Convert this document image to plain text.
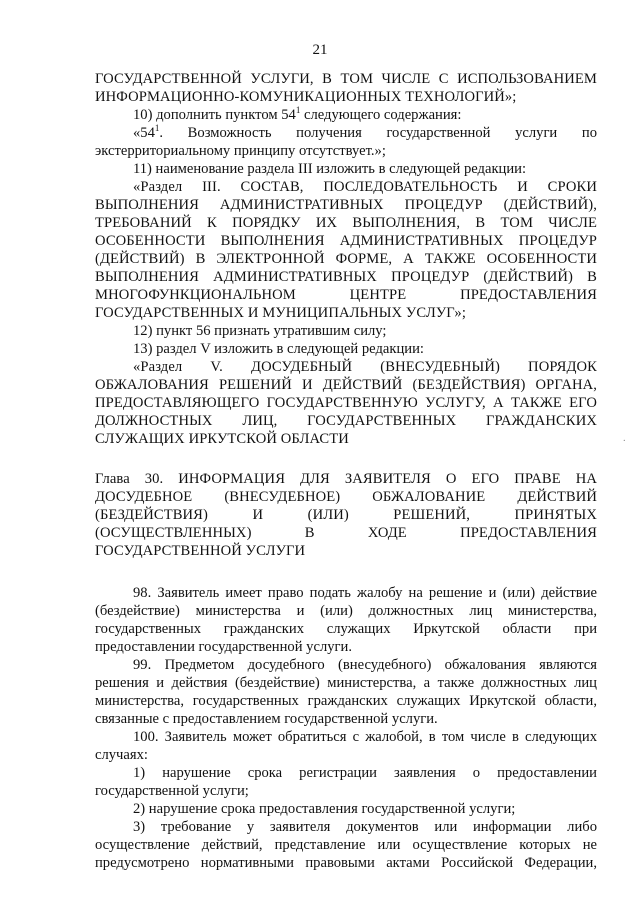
21

ГОСУДАРСТВЕННОЙ УСЛУГИ, В ТОМ ЧИСЛЕ С ИСПОЛЬЗОВАНИЕМ

ИНФОРМАЦИОННО-КОМУНИКАЦИОННЫХ ТЕХНОЛОГИЙ»;

10) дополнить пунктом $54^1$ следующего содержания:

«$54^1$. Возможность получения государственной услуги по

экстерриториальному принципу отсутствует.»;

11) наименование раздела III изложить в следующей редакции:

«Раздел III. СОСТАВ, ПОСЛЕДОВАТЕЛЬНОСТЬ И СРОКИ

ВЫПОЛНЕНИЯ АДМИНИСТРАТИВНЫХ ПРОЦЕДУР (ДЕЙСТВИЙ),

ТРЕБОВАНИЙ К ПОРЯДКУ ИХ ВЫПОЛНЕНИЯ, В ТОМ ЧИСЛЕ

ОСОБЕННОСТИ ВЫПОЛНЕНИЯ АДМИНИСТРАТИВНЫХ ПРОЦЕДУР

(ДЕЙСТВИЙ) В ЭЛЕКТРОННОЙ ФОРМЕ, А ТАКЖЕ ОСОБЕННОСТИ

ВЫПОЛНЕНИЯ АДМИНИСТРАТИВНЫХ ПРОЦЕДУР (ДЕЙСТВИЙ) В

МНОГОФУНКЦИОНАЛЬНОМ ЦЕНТРЕ ПРЕДОСТАВЛЕНИЯ

ГОСУДАРСТВЕННЫХ И МУНИЦИПАЛЬНЫХ УСЛУГ»;

12) пункт 56 признать утратившим силу;

13) раздел V изложить в следующей редакции:

«Раздел V. ДОСУДЕБНЫЙ (ВНЕСУДЕБНЫЙ) ПОРЯДОК

ОБЖАЛОВАНИЯ РЕШЕНИЙ И ДЕЙСТВИЙ (БЕЗДЕЙСТВИЯ) ОРГАНА,

ПРЕДОСТАВЛЯЮЩЕГО ГОСУДАРСТВЕННУЮ УСЛУГУ, А ТАКЖЕ ЕГО

ДОЛЖНОСТНЫХ ЛИЦ, ГОСУДАРСТВЕННЫХ ГРАЖДАНСКИХ

СЛУЖАЩИХ ИРКУТСКОЙ ОБЛАСТИ

Глава 30. ИНФОРМАЦИЯ ДЛЯ ЗАЯВИТЕЛЯ О ЕГО ПРАВЕ НА

ДОСУДЕБНОЕ (ВНЕСУДЕБНОЕ) ОБЖАЛОВАНИЕ ДЕЙСТВИЙ

(БЕЗДЕЙСТВИЯ) И (ИЛИ) РЕШЕНИЙ, ПРИНЯТЫХ

(ОСУЩЕСТВЛЕННЫХ) В ХОДЕ ПРЕДОСТАВЛЕНИЯ

ГОСУДАРСТВЕННОЙ УСЛУГИ

98. Заявитель имеет право подать жалобу на решение и (или) действие

(бездействие) министерства и (или) должностных лиц министерства,

государственных гражданских служащих Иркутской области при

предоставлении государственной услуги.

99. Предметом досудебного (внесудебного) обжалования являются

решения и действия (бездействие) министерства, а также должностных лиц

министерства, государственных гражданских служащих Иркутской области,

связанные с предоставлением государственной услуги.

100. Заявитель может обратиться с жалобой, в том числе в следующих

случаях:

1) нарушение срока регистрации заявления о предоставлении

государственной услуги;

2) нарушение срока предоставления государственной услуги;

3) требование у заявителя документов или информации либо

осуществление действий, представление или осуществление которых не

предусмотрено нормативными правовыми актами Российской Федерации,

·
